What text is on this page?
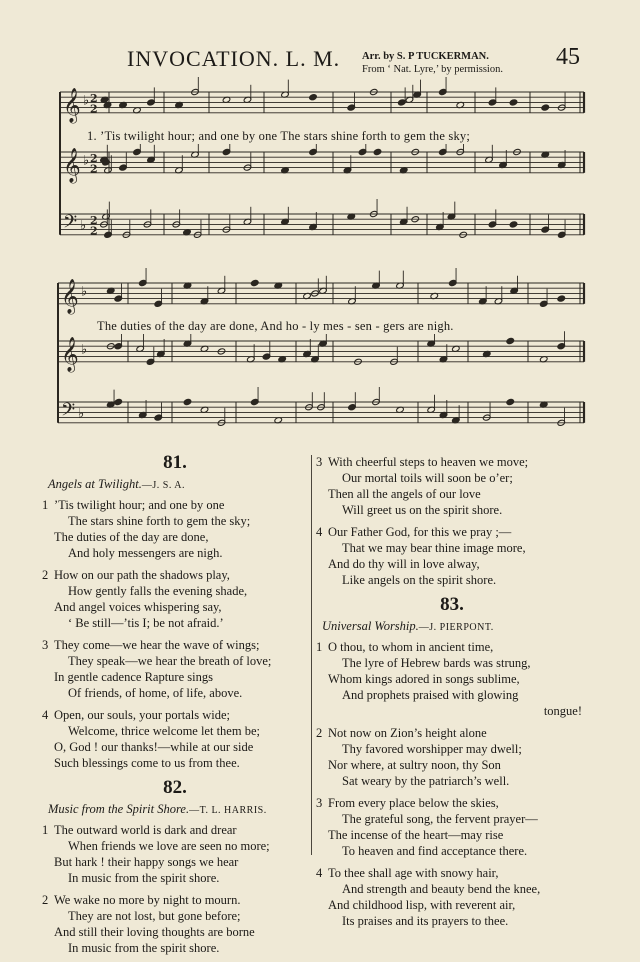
INVOCATION. L. M. Arr. by S. P TUCKERMAN.
From ‘ Nat. Lyre,’ by permission. 45
𝄞 ♭ 2
2
𝄞 ♭ 2
2
𝄢 ♭ 2
2
𝄞 ♭
𝄞 ♭
𝄢 ♭
1. ’Tis twilight hour; and one by one The stars shine forth to gem the sky;
The duties of the day are done, And ho - ly mes - sen - gers are nigh.
81.
Angels at Twilight.—J. S. A.
1 ’Tis twilight hour; and one by one
The stars shine forth to gem the sky;
The duties of the day are done,
And holy messengers are nigh.
2 How on our path the shadows play,
How gently falls the evening shade,
And angel voices whispering say,
‘ Be still—’tis I; be not afraid.’
3 They come—we hear the wave of wings;
They speak—we hear the breath of love;
In gentle cadence Rapture sings
Of friends, of home, of life, above.
4 Open, our souls, your portals wide;
Welcome, thrice welcome let them be;
O, God ! our thanks!—while at our side
Such blessings come to us from thee.
82.
Music from the Spirit Shore.—T. L. HARRIS.
1 The outward world is dark and drear
When friends we love are seen no more;
But hark ! their happy songs we hear
In music from the spirit shore.
2 We wake no more by night to mourn.
They are not lost, but gone before;
And still their loving thoughts are borne
In music from the spirit shore.
3 With cheerful steps to heaven we move;
Our mortal toils will soon be o’er;
Then all the angels of our love
Will greet us on the spirit shore.
4 Our Father God, for this we pray ;—
That we may bear thine image more,
And do thy will in love alway,
Like angels on the spirit shore.
83.
Universal Worship.—J. PIERPONT.
1 O thou, to whom in ancient time,
The lyre of Hebrew bards was strung,
Whom kings adored in songs sublime,
And prophets praised with glowing
tongue!
2 Not now on Zion’s height alone
Thy favored worshipper may dwell;
Nor where, at sultry noon, thy Son
Sat weary by the patriarch’s well.
3 From every place below the skies,
The grateful song, the fervent prayer—
The incense of the heart—may rise
To heaven and find acceptance there.
4 To thee shall age with snowy hair,
And strength and beauty bend the knee,
And childhood lisp, with reverent air,
Its praises and its prayers to thee.
